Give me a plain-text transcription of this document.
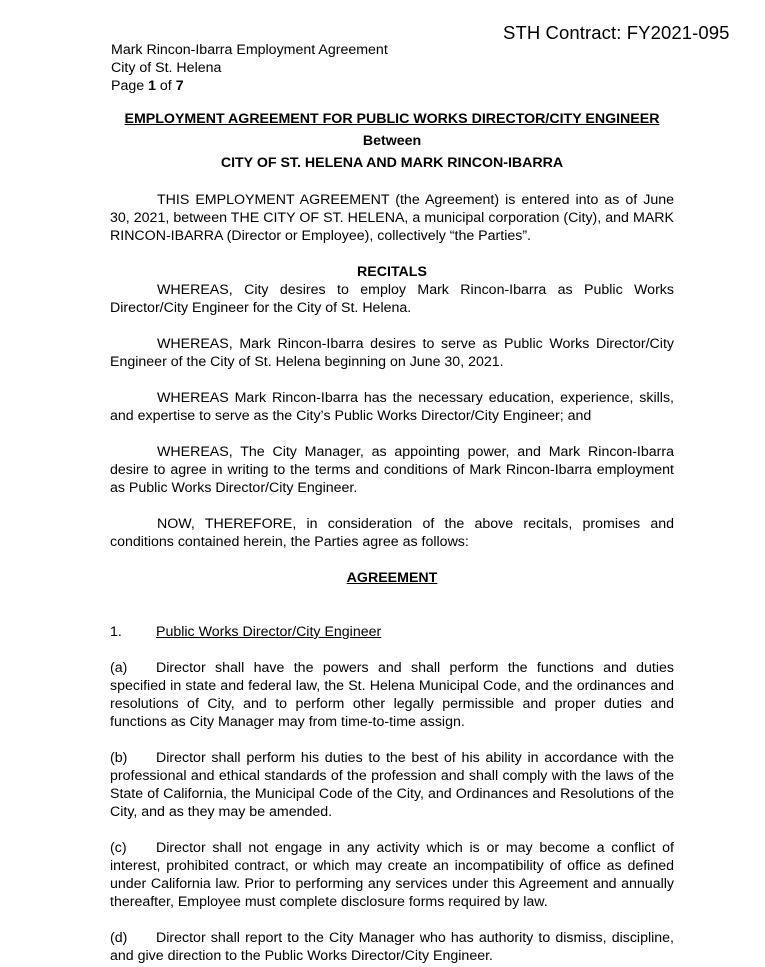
STH Contract: FY2021-095
Mark Rincon-Ibarra Employment Agreement
City of St. Helena
Page 1 of 7
EMPLOYMENT AGREEMENT FOR PUBLIC WORKS DIRECTOR/CITY ENGINEER
Between
CITY OF ST. HELENA AND MARK RINCON-IBARRA

THIS EMPLOYMENT AGREEMENT (the Agreement) is entered into as of June 30, 2021, between THE CITY OF ST. HELENA, a municipal corporation (City), and MARK RINCON-IBARRA (Director or Employee), collectively “the Parties”.

RECITALS

WHEREAS, City desires to employ Mark Rincon-Ibarra as Public Works Director/City Engineer for the City of St. Helena.

WHEREAS, Mark Rincon-Ibarra desires to serve as Public Works Director/City Engineer of the City of St. Helena beginning on June 30, 2021.

WHEREAS Mark Rincon-Ibarra has the necessary education, experience, skills, and expertise to serve as the City’s Public Works Director/City Engineer; and

WHEREAS, The City Manager, as appointing power, and Mark Rincon-Ibarra desire to agree in writing to the terms and conditions of Mark Rincon-Ibarra employment as Public Works Director/City Engineer.

NOW, THEREFORE, in consideration of the above recitals, promises and conditions contained herein, the Parties agree as follows:

AGREEMENT
1.	Public Works Director/City Engineer

(a) Director shall have the powers and shall perform the functions and duties specified in state and federal law, the St. Helena Municipal Code, and the ordinances and resolutions of City, and to perform other legally permissible and proper duties and functions as City Manager may from time-to-time assign.

(b) Director shall perform his duties to the best of his ability in accordance with the professional and ethical standards of the profession and shall comply with the laws of the State of California, the Municipal Code of the City, and Ordinances and Resolutions of the City, and as they may be amended.

(c) Director shall not engage in any activity which is or may become a conflict of interest, prohibited contract, or which may create an incompatibility of office as defined under California law. Prior to performing any services under this Agreement and annually thereafter, Employee must complete disclosure forms required by law.

(d) Director shall report to the City Manager who has authority to dismiss, discipline, and give direction to the Public Works Director/City Engineer.
